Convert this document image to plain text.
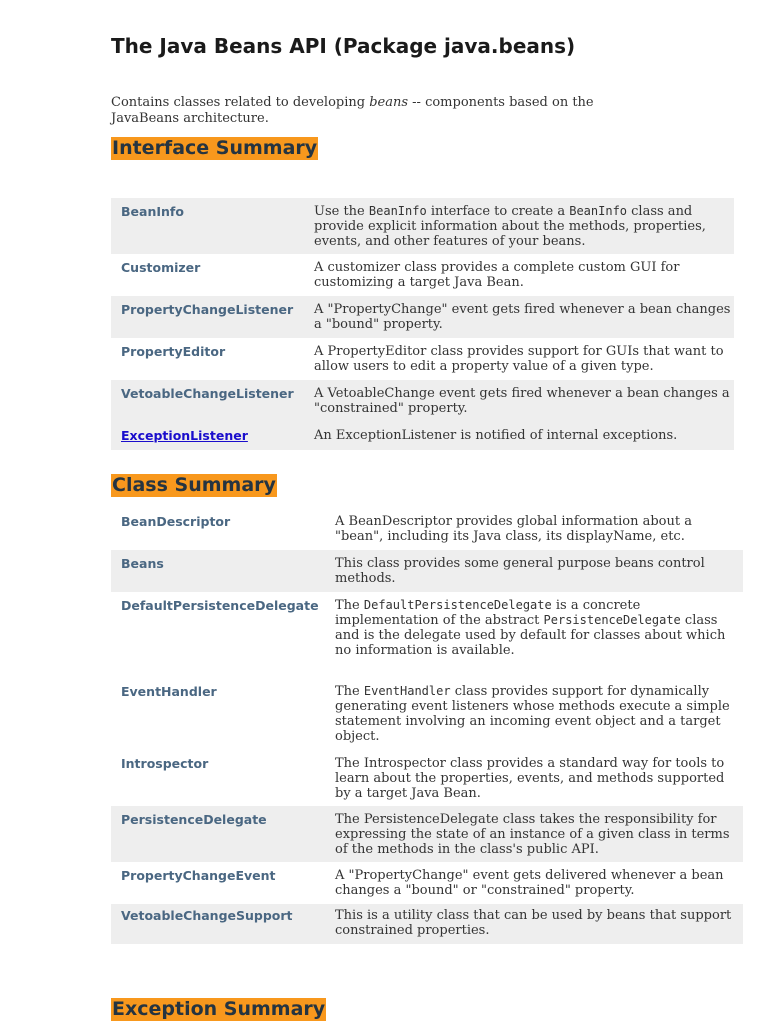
The Java Beans API (Package java.beans)

Contains classes related to developing beans -- components based on the JavaBeans architecture.

Interface Summary
BeanInfo	Use the BeanInfo interface to create a BeanInfo class and provide explicit information about the methods, properties, events, and other features of your beans.
Customizer	A customizer class provides a complete custom GUI for customizing a target Java Bean.
PropertyChangeListener	A "PropertyChange" event gets fired whenever a bean changes a "bound" property.
PropertyEditor	A PropertyEditor class provides support for GUIs that want to allow users to edit a property value of a given type.
VetoableChangeListener	A VetoableChange event gets fired whenever a bean changes a "constrained" property.
ExceptionListener	An ExceptionListener is notified of internal exceptions.
Class Summary
BeanDescriptor	A BeanDescriptor provides global information about a "bean", including its Java class, its displayName, etc.
Beans	This class provides some general purpose beans control methods.
DefaultPersistenceDelegate	The DefaultPersistenceDelegate is a concrete implementation of the abstract PersistenceDelegate class and is the delegate used by default for classes about which no information is available.
EventHandler	The EventHandler class provides support for dynamically generating event listeners whose methods execute a simple statement involving an incoming event object and a target object.
Introspector	The Introspector class provides a standard way for tools to learn about the properties, events, and methods supported by a target Java Bean.
PersistenceDelegate	The PersistenceDelegate class takes the responsibility for expressing the state of an instance of a given class in terms of the methods in the class's public API.
PropertyChangeEvent	A "PropertyChange" event gets delivered whenever a bean changes a "bound" or "constrained" property.
VetoableChangeSupport	This is a utility class that can be used by beans that support constrained properties.
Exception Summary
